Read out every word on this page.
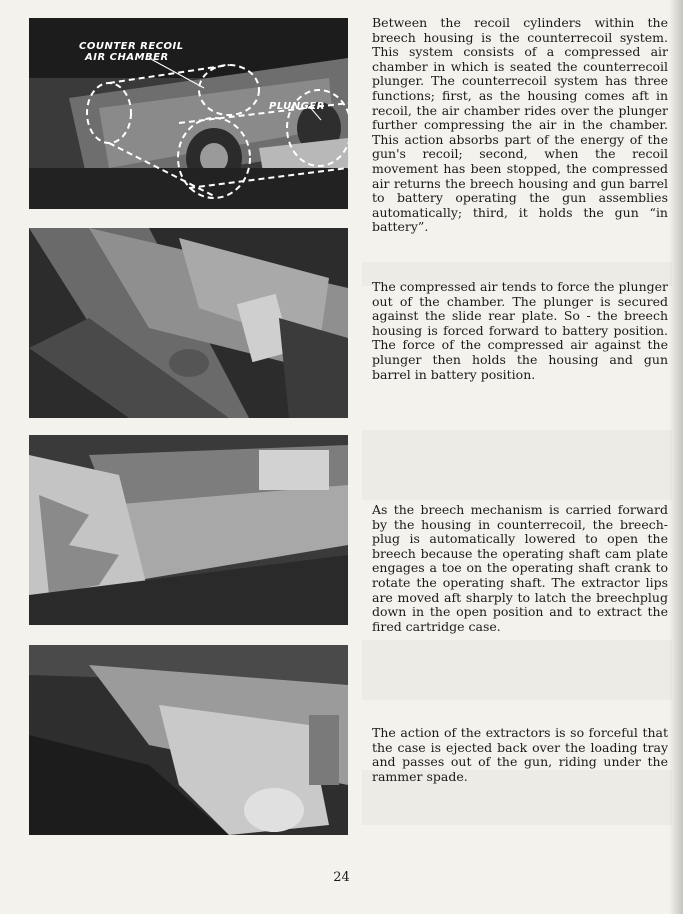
COUNTER RECOIL
AIR CHAMBER
PLUNGER
Between the recoil cylinders within the breech housing is the counterrecoil system. This system consists of a compressed air chamber in which is seated the counterrecoil plunger. The counterrecoil system has three functions; first, as the housing comes aft in recoil, the air chamber rides over the plunger further compressing the air in the chamber. This action absorbs part of the energy of the gun's recoil; second, when the recoil movement has been stopped, the compressed air returns the breech housing and gun barrel to battery operating the gun assemblies automatically; third, it holds the gun “in battery”.
The compressed air tends to force the plunger out of the chamber. The plunger is secured against the slide rear plate. So - the breech housing is forced forward to battery position. The force of the compressed air against the plunger then holds the housing and gun barrel in battery position.
As the breech mechanism is carried forward by the housing in counterrecoil, the breech-plug is automatically lowered to open the breech because the operating shaft cam plate engages a toe on the operating shaft crank to rotate the operating shaft. The extractor lips are moved aft sharply to latch the breechplug down in the open position and to extract the fired cartridge case.
The action of the extractors is so forceful that the case is ejected back over the loading tray and passes out of the gun, riding under the rammer spade.
24
